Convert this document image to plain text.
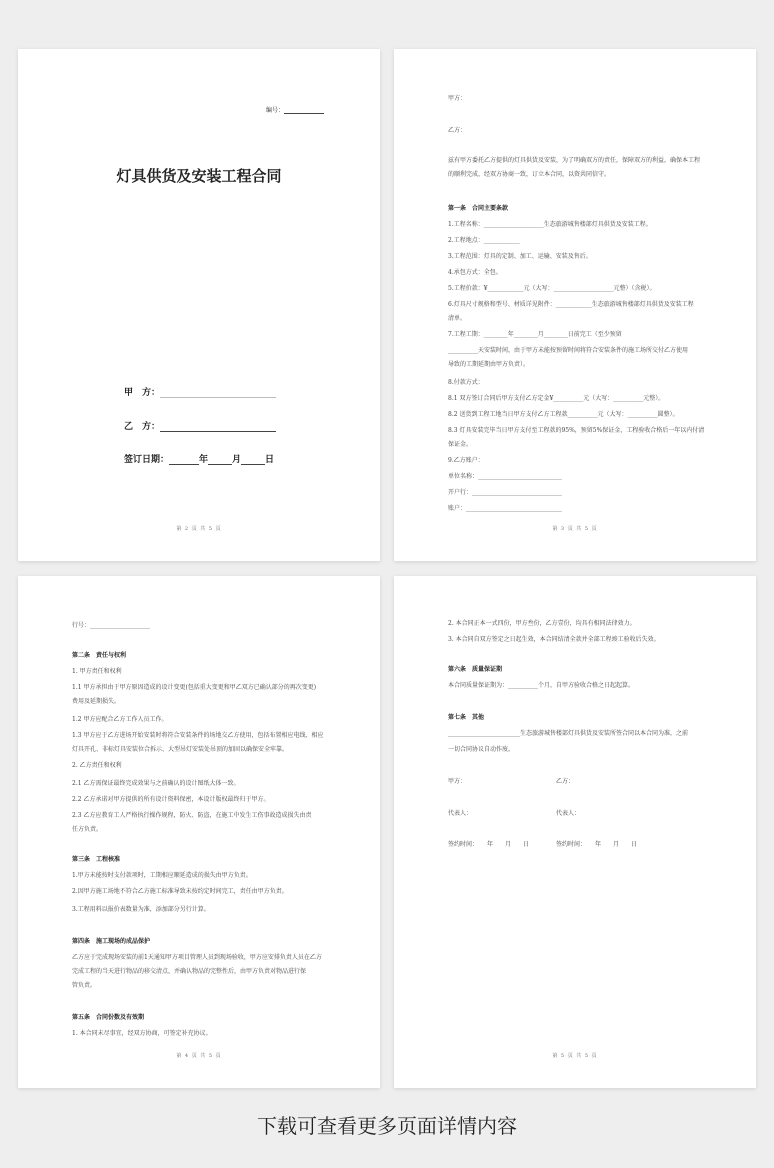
编号：
灯具供货及安装工程合同
甲　方：
乙　方：
签订日期：	年	月	日
第 2 页 共 5 页
账户：________________________________
开户行：______________________________
单位名称：____________________________
9.乙方账户：
保证金。
8.3 灯具安装完毕当日甲方支付至工程款的95%，预留5%保证金，工程验收合格后一年以内付清
8.2 送货到工程工地当日甲方支付乙方工程款__________元（大写：__________圆整）。
8.1 双方签订合同后甲方支付乙方定金¥__________元（大写：__________元整）。
8.付款方式：
导致的工期延期由甲方负责）。
__________天安装时间，由于甲方未能按预留时间将符合安装条件的施工场所交付乙方使用
7.工程工期：________年________月________日前完工（至少预留
清单。
6.灯具尺寸规格和型号、材质详见附件：____________生态旅游城售楼部灯具供货及安装工程
5.工程价款：¥____________元（大写：____________________元整）（含税）。
4.承包方式：全包。
3.工程范围：灯具的定制、加工、运输、安装及售后。
2.工程地点：____________
1.工程名称：____________________生态旅游城售楼部灯具供货及安装工程。
第一条　合同主要条款
的顺利完成，经双方协商一致，订立本合同，以资共同信守。
兹有甲方委托乙方提供的灯具供货及安装，为了明确双方的责任，保障双方的利益，确保本工程
乙方：
甲方：
第 3 页 共 5 页
1. 本合同未尽事宜，经双方协商，可签定补充协议。
第五条　合同份数及有效期
管负责。
完成工程的当天进行物品的移交清点，并确认物品的完整性后，由甲方负责对物品进行保
乙方应于完成现场安装的前1天通知甲方项目管理人员到现场验收，甲方应安排负责人员在乙方
第四条　施工现场的成品保护
3.工程用料以报价表数量为准，添加部分另行计算。
2.因甲方施工场地不符合乙方施工标准导致未按约定时间完工，责任由甲方负责。
1.甲方未能按时支付款项时，工期相应顺延造成的损失由甲方负责。
第三条　工程核准
任方负责。
2.3 乙方应教育工人严格执行操作规程，防火、防盗，在施工中发生工伤事故造成损失由责
2.2 乙方承诺对甲方提供的所有设计资料保密，本设计版权最终归于甲方。
2.1 乙方需保证最终完成效果与之前确认的设计图纸大体一致。
2. 乙方责任和权利
灯具开孔、非标灯具安装位合拆示、大型吊灯安装处吊顶的加固以确保安全牢靠。
1.3 甲方应于乙方进场开始安装时将符合安装条件的场地交乙方使用，包括布置相应电线、相应
1.2 甲方应配合乙方工作人员工作。
费用及延期损失。
1.1 甲方承担由于甲方原因造成的设计变更(包括重大变更和甲乙双方已确认部分的再次变更)
1. 甲方责任和权利
第二条　责任与权利
行号：____________________
第 4 页 共 5 页
一切合同协议自动作废。
________________________生态旅游城售楼部灯具供货及安装所签合同以本合同为准，之前
第七条　其他
本合同质量保证期为：__________个月，自甲方验收合格之日起起算。
第六条　质量保证期
3. 本合同自双方签定之日起生效，本合同结清全款并全部工程竣工验收后失效。
2. 本合同正本一式四份，甲方叁份，乙方壹份，均具有相同法律效力。
甲方：	乙方：
代表人：	代表人：
签约时间：　　年　　月　　日	签约时间：　　年　　月　　日
第 5 页 共 5 页
下载可查看更多页面详情内容
